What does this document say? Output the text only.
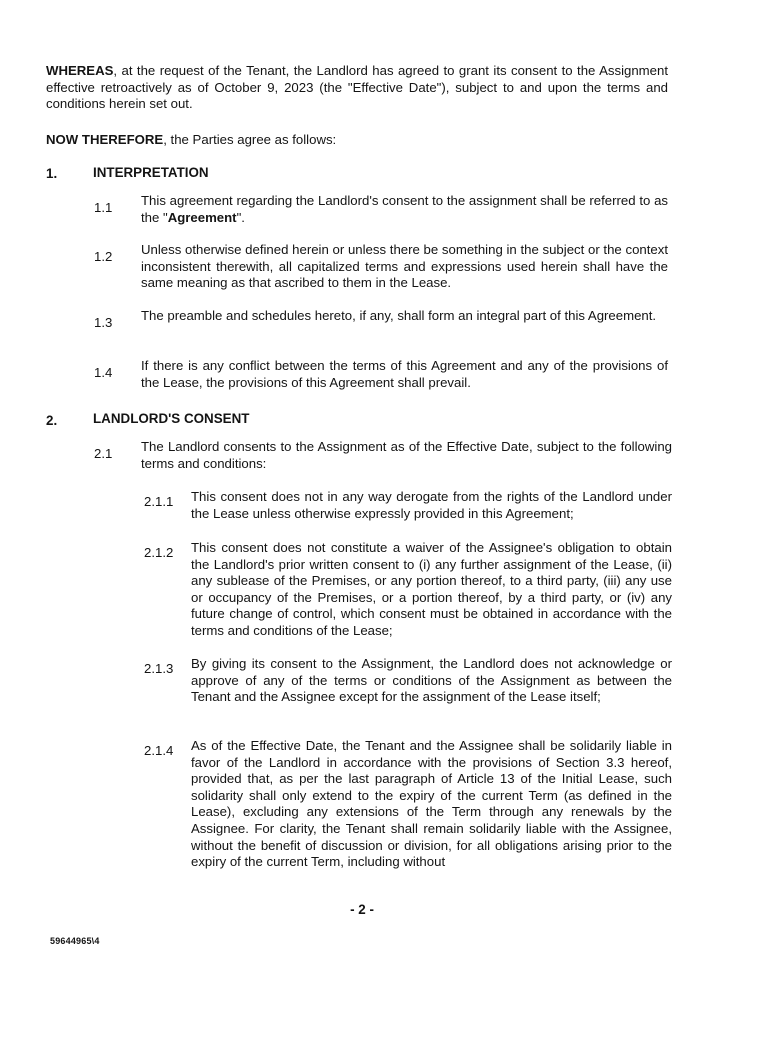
WHEREAS, at the request of the Tenant, the Landlord has agreed to grant its consent to the Assignment effective retroactively as of October 9, 2023 (the "Effective Date"), subject to and upon the terms and conditions herein set out.
NOW THEREFORE, the Parties agree as follows:
1.	INTERPRETATION
1.1 This agreement regarding the Landlord's consent to the assignment shall be referred to as the "Agreement".
1.2 Unless otherwise defined herein or unless there be something in the subject or the context inconsistent therewith, all capitalized terms and expressions used herein shall have the same meaning as that ascribed to them in the Lease.
1.3 The preamble and schedules hereto, if any, shall form an integral part of this Agreement.
1.4 If there is any conflict between the terms of this Agreement and any of the provisions of the Lease, the provisions of this Agreement shall prevail.
2.	LANDLORD'S CONSENT
2.1 The Landlord consents to the Assignment as of the Effective Date, subject to the following terms and conditions:
2.1.1 This consent does not in any way derogate from the rights of the Landlord under the Lease unless otherwise expressly provided in this Agreement;
2.1.2 This consent does not constitute a waiver of the Assignee's obligation to obtain the Landlord's prior written consent to (i) any further assignment of the Lease, (ii) any sublease of the Premises, or any portion thereof, to a third party, (iii) any use or occupancy of the Premises, or a portion thereof, by a third party, or (iv) any future change of control, which consent must be obtained in accordance with the terms and conditions of the Lease;
2.1.3 By giving its consent to the Assignment, the Landlord does not acknowledge or approve of any of the terms or conditions of the Assignment as between the Tenant and the Assignee except for the assignment of the Lease itself;
2.1.4 As of the Effective Date, the Tenant and the Assignee shall be solidarily liable in favor of the Landlord in accordance with the provisions of Section 3.3 hereof, provided that, as per the last paragraph of Article 13 of the Initial Lease, such solidarity shall only extend to the expiry of the current Term (as defined in the Lease), excluding any extensions of the Term through any renewals by the Assignee. For clarity, the Tenant shall remain solidarily liable with the Assignee, without the benefit of discussion or division, for all obligations arising prior to the expiry of the current Term, including without
- 2 -
59644965\4
